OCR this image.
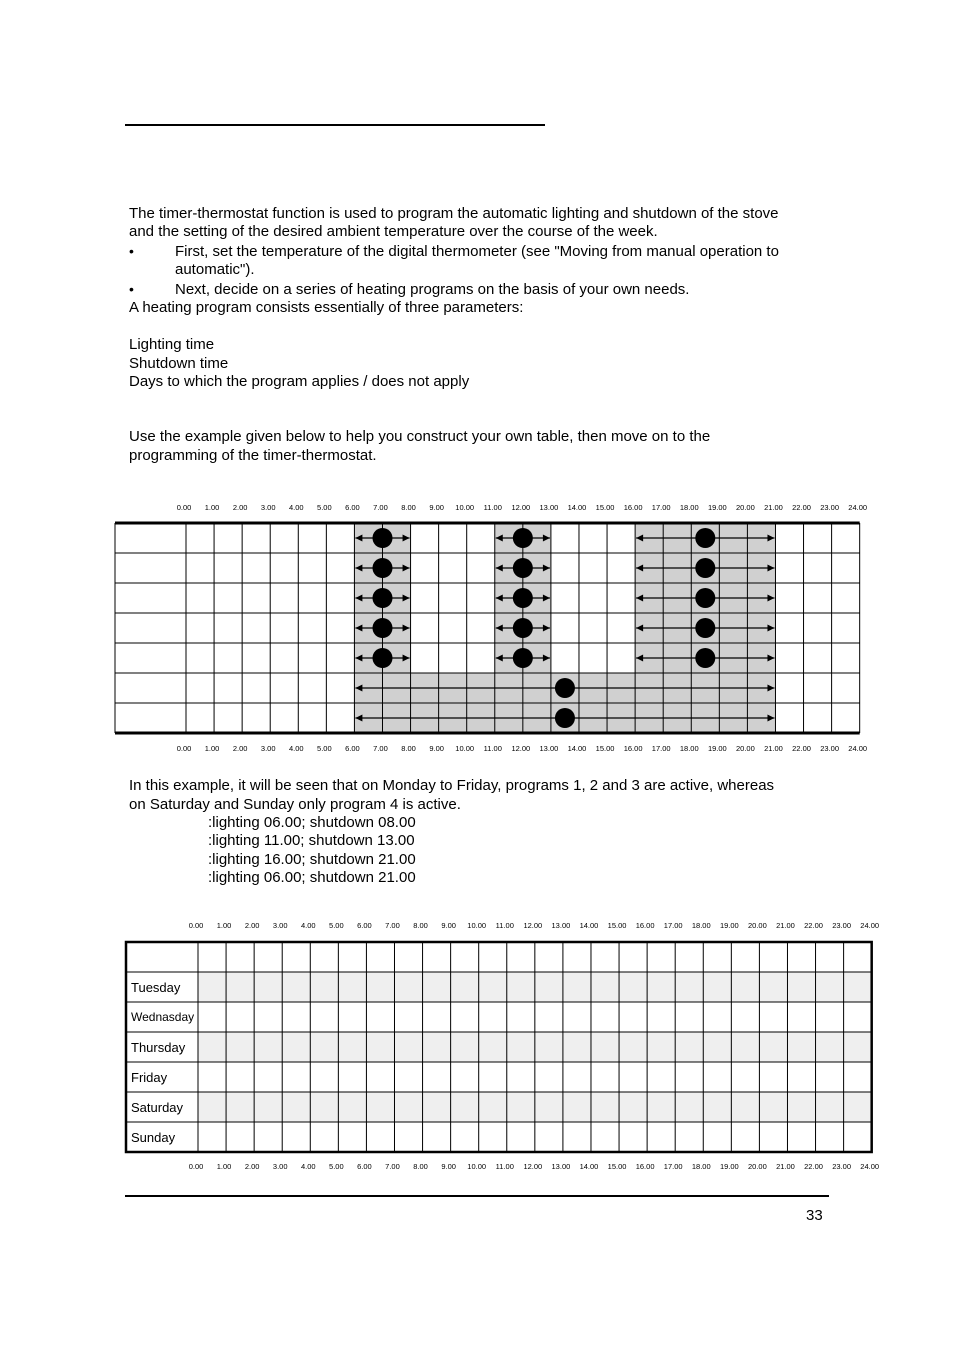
The timer-thermostat function is used to program the automatic lighting and shutdown of the stove

and the setting of the desired ambient temperature over the course of the week.

•	First, set the temperature of the digital thermometer (see "Moving from manual operation to

automatic").

•	Next, decide on a series of heating programs on the basis of your own needs.

A heating program consists essentially of three parameters:

Lighting time

Shutdown time

Days to which the program applies / does not apply

Use the example given below to help you construct your own table, then move on to the

programming of the timer-thermostat.

0.00 1.00 2.00 3.00 4.00 5.00 6.00 7.00 8.00 9.00 10.00 11.00 12.00 13.00 14.00 15.00 16.00 17.00 18.00 19.00 20.00 21.00 22.00 23.00 24.00
0.00 1.00 2.00 3.00 4.00 5.00 6.00 7.00 8.00 9.00 10.00 11.00 12.00 13.00 14.00 15.00 16.00 17.00 18.00 19.00 20.00 21.00 22.00 23.00 24.00

In this example, it will be seen that on Monday to Friday, programs 1, 2 and 3 are active, whereas

on Saturday and Sunday only program 4 is active.

:lighting 06.00; shutdown 08.00

:lighting 11.00; shutdown 13.00

:lighting 16.00; shutdown 21.00

:lighting 06.00; shutdown 21.00

0.00 1.00 2.00 3.00 4.00 5.00 6.00 7.00 8.00 9.00 10.00 11.00 12.00 13.00 14.00 15.00 16.00 17.00 18.00 19.00 20.00 21.00 22.00 23.00 24.00
Tuesday
Wednasday
Thursday
Friday
Saturday
Sunday
0.00 1.00 2.00 3.00 4.00 5.00 6.00 7.00 8.00 9.00 10.00 11.00 12.00 13.00 14.00 15.00 16.00 17.00 18.00 19.00 20.00 21.00 22.00 23.00 24.00
33
